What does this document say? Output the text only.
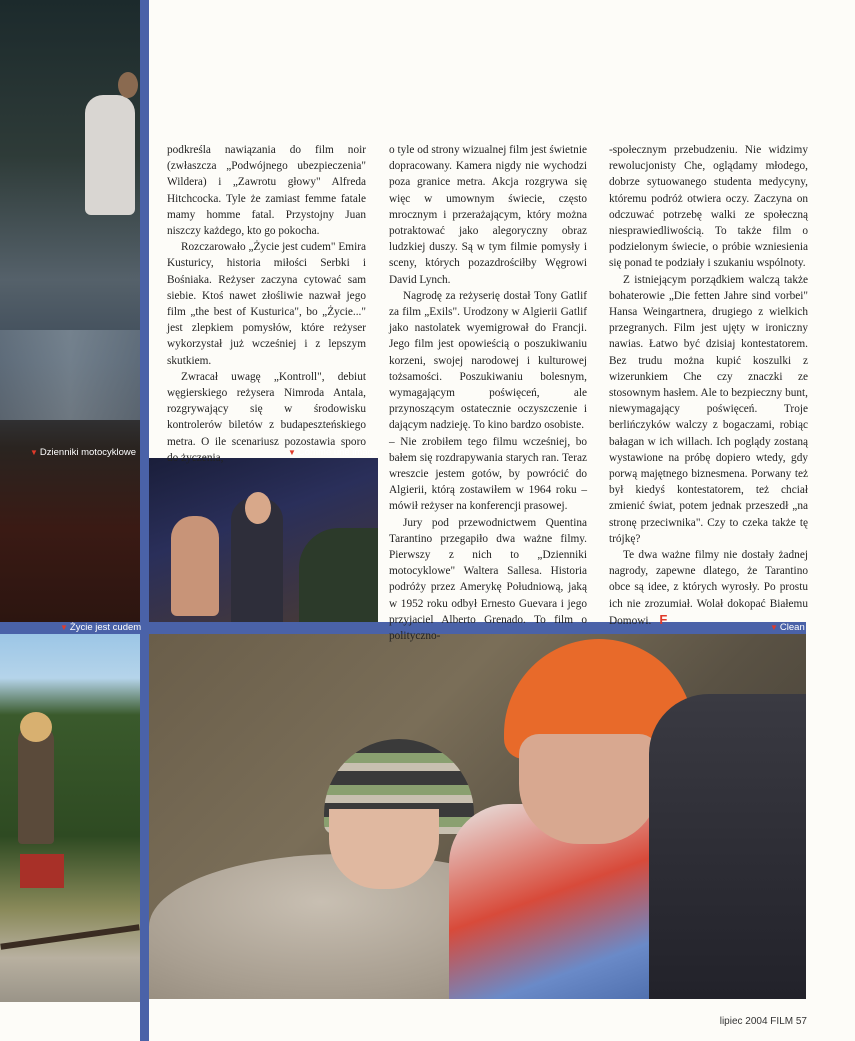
▼ Dzienniki motocyklowe	▼ Comme une image
▼ Życie jest cudem	▼ Clean

podkreśla nawiązania do film noir (zwłaszcza „Podwójnego ubezpieczenia" Wildera) i „Zawrotu głowy" Alfreda Hitchcocka. Tyle że zamiast femme fatale mamy homme fatal. Przystojny Juan niszczy każdego, kto go pokocha.

Rozczarowało „Życie jest cudem" Emira Kusturicy, historia miłości Serbki i Bośniaka. Reżyser zaczyna cytować sam siebie. Ktoś nawet złośliwie nazwał jego film „the best of Kusturica", bo „Życie..." jest zlepkiem pomysłów, które reżyser wykorzystał już wcześniej i z lepszym skutkiem.

Zwracał uwagę „Kontroll", debiut węgierskiego reżysera Nimroda Antala, rozgrywający się w środowisku kontrolerów biletów z budapeszteńskiego metra. O ile scenariusz pozostawia sporo do życzenia,

o tyle od strony wizualnej film jest świetnie dopracowany. Kamera nigdy nie wychodzi poza granice metra. Akcja rozgrywa się więc w umownym świecie, często mrocznym i przerażającym, który można potraktować jako alegoryczny obraz ludzkiej duszy. Są w tym filmie pomysły i sceny, których pozazdrościłby Węgrowi David Lynch.

Nagrodę za reżyserię dostał Tony Gatlif za film „Exils". Urodzony w Algierii Gatlif jako nastolatek wyemigrował do Francji. Jego film jest opowieścią o poszukiwaniu korzeni, swojej narodowej i kulturowej tożsamości. Poszukiwaniu bolesnym, wymagającym poświęceń, ale przynoszącym ostatecznie oczyszczenie i dającym nadzieję. To kino bardzo osobiste.

– Nie zrobiłem tego filmu wcześniej, bo bałem się rozdrapywania starych ran. Teraz wreszcie jestem gotów, by powrócić do Algierii, którą zostawiłem w 1964 roku – mówił reżyser na konferencji prasowej.

Jury pod przewodnictwem Quentina Tarantino przegapiło dwa ważne filmy. Pierwszy z nich to „Dzienniki motocyklowe" Waltera Sallesa. Historia podróży przez Amerykę Południową, jaką w 1952 roku odbył Ernesto Guevara i jego przyjaciel Alberto Grenado. To film o polityczno-

-społecznym przebudzeniu. Nie widzimy rewolucjonisty Che, oglądamy młodego, dobrze sytuowanego studenta medycyny, któremu podróż otwiera oczy. Zaczyna on odczuwać potrzebę walki ze społeczną niesprawiedliwością. To także film o podzielonym świecie, o próbie wzniesienia się ponad te podziały i szukaniu wspólnoty.

Z istniejącym porządkiem walczą także bohaterowie „Die fetten Jahre sind vorbei" Hansa Weingartnera, drugiego z wielkich przegranych. Film jest ujęty w ironiczny nawias. Łatwo być dzisiaj kontestatorem. Bez trudu można kupić koszulki z wizerunkiem Che czy znaczki ze stosownym hasłem. Ale to bezpieczny bunt, niewymagający poświęceń. Troje berlińczyków walczy z bogaczami, robiąc bałagan w ich willach. Ich poglądy zostaną wystawione na próbę dopiero wtedy, gdy porwą majętnego biznesmena. Porwany też był kiedyś kontestatorem, też chciał zmienić świat, potem jednak przeszedł „na stronę przeciwnika". Czy to czeka także tę trójkę?

Te dwa ważne filmy nie dostały żadnej nagrody, zapewne dlatego, że Tarantino obce są idee, z których wyrosły. Po prostu ich nie zrozumiał. Wolał dokopać Białemu Domowi. F

lipiec 2004 FILM 57
